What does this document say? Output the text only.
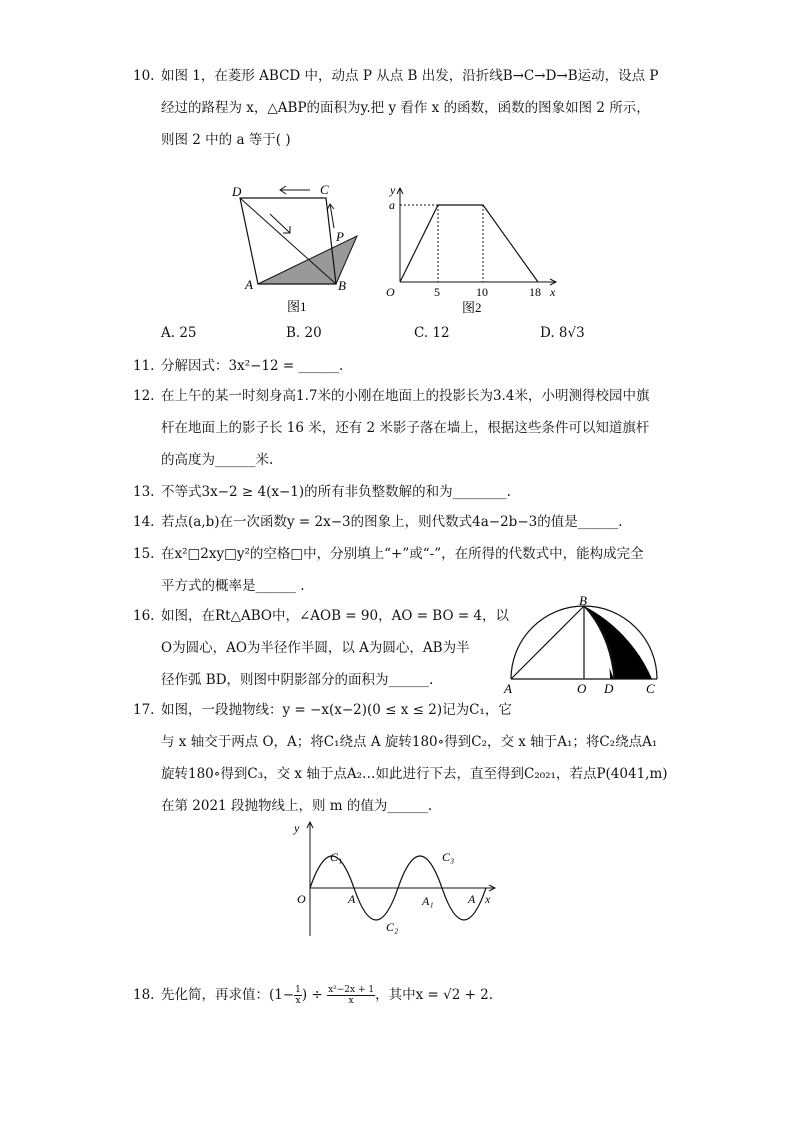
10. 如图 1，在菱形 ABCD 中，动点 P 从点 B 出发，沿折线B→C→D→B运动，设点 P
经过的路程为 x，△ABP的面积为y.把 y 看作 x 的函数，函数的图象如图 2 所示，
则图 2 中的 a 等于( )
D	C
P
A	B
图1
y
a
O	5	10	18 x
图2
A. 25	B. 20	C. 12	D. 8√3
11. 分解因式：3x²−12 = ______.
12. 在上午的某一时刻身高1.7米的小刚在地面上的投影长为3.4米，小明测得校园中旗
杆在地面上的影子长 16 米，还有 2 米影子落在墙上，根据这些条件可以知道旗杆
的高度为______米.
13. 不等式3x−2 ≥ 4(x−1)的所有非负整数解的和为________.
14. 若点(a,b)在一次函数y = 2x−3的图象上，则代数式4a−2b−3的值是______.
15. 在x²□2xy□y²的空格□中，分别填上“+”或“-”，在所得的代数式中，能构成完全
平方式的概率是______ .
16. 如图，在Rt△ABO中，∠AOB = 90，AO = BO = 4，以
O为圆心，AO为半径作半圆，以 A为圆心，AB为半
径作弧 BD，则图中阴影部分的面积为______.
A	O D	C
B
17. 如图，一段抛物线：y = −x(x−2)(0 ≤ x ≤ 2)记为C₁，它
与 x 轴交于两点 O，A；将C₁绕点 A 旋转180∘得到C₂，交 x 轴于A₁；将C₂绕点A₁
旋转180∘得到C₃，交 x 轴于点A₂…如此进行下去，直至得到C₂₀₂₁，若点P(4041,m)
在第 2021 段抛物线上，则 m 的值为______.
y
O	A	A₁	A x
C₁
C₂
C₃
18. 先化简，再求值：($1- \frac{1}{x}$ ) ÷ $\frac{\text{x²−2x + 1}}{x}$ ，其中x = √2 + 2.
